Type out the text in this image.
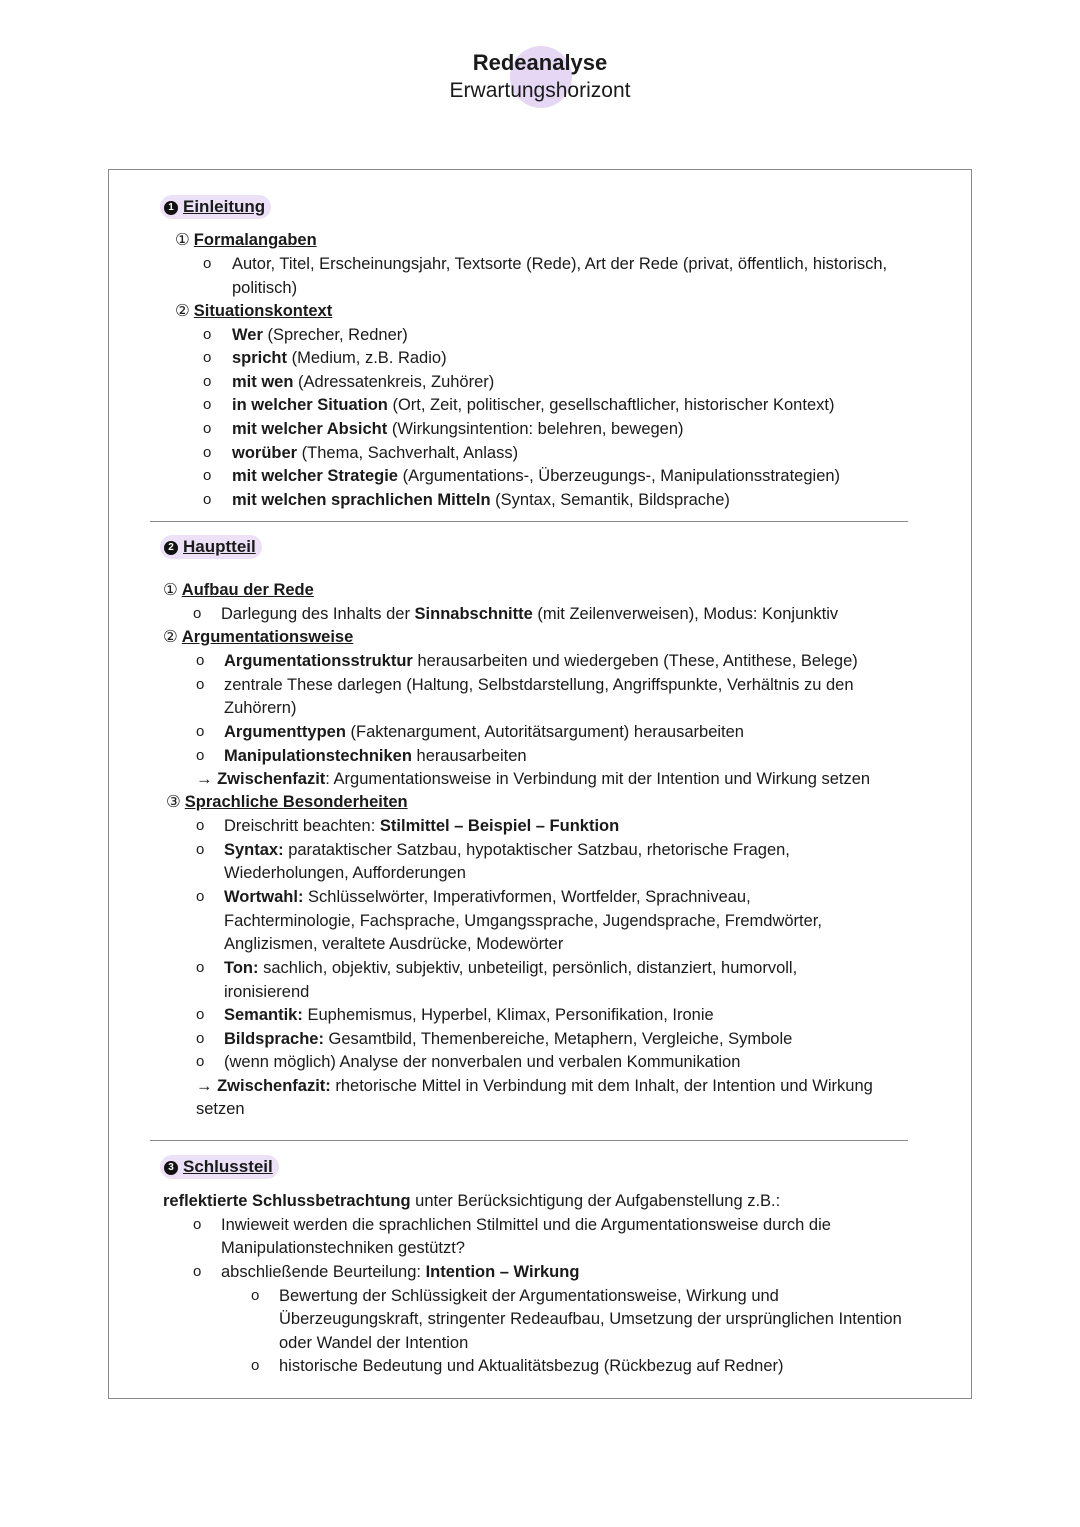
Redeanalyse
Erwartungshorizont
1 Einleitung
① Formalangaben
o Autor, Titel, Erscheinungsjahr, Textsorte (Rede), Art der Rede (privat, öffentlich, historisch,
politisch)
② Situationskontext
o Wer (Sprecher, Redner)
o spricht (Medium, z.B. Radio)
o mit wen (Adressatenkreis, Zuhörer)
o in welcher Situation (Ort, Zeit, politischer, gesellschaftlicher, historischer Kontext)
o mit welcher Absicht (Wirkungsintention: belehren, bewegen)
o worüber (Thema, Sachverhalt, Anlass)
o mit welcher Strategie (Argumentations-, Überzeugungs-, Manipulationsstrategien)
o mit welchen sprachlichen Mitteln (Syntax, Semantik, Bildsprache)
2 Hauptteil
① Aufbau der Rede
o Darlegung des Inhalts der Sinnabschnitte (mit Zeilenverweisen), Modus: Konjunktiv
② Argumentationsweise
o Argumentationsstruktur herausarbeiten und wiedergeben (These, Antithese, Belege)
o zentrale These darlegen (Haltung, Selbstdarstellung, Angriffspunkte, Verhältnis zu den
Zuhörern)
o Argumenttypen (Faktenargument, Autoritätsargument) herausarbeiten
o Manipulationstechniken herausarbeiten
→ Zwischenfazit: Argumentationsweise in Verbindung mit der Intention und Wirkung setzen
③ Sprachliche Besonderheiten
o Dreischritt beachten: Stilmittel – Beispiel – Funktion
o Syntax: parataktischer Satzbau, hypotaktischer Satzbau, rhetorische Fragen,
Wiederholungen, Aufforderungen
o Wortwahl: Schlüsselwörter, Imperativformen, Wortfelder, Sprachniveau,
Fachterminologie, Fachsprache, Umgangssprache, Jugendsprache, Fremdwörter,
Anglizismen, veraltete Ausdrücke, Modewörter
o Ton: sachlich, objektiv, subjektiv, unbeteiligt, persönlich, distanziert, humorvoll,
ironisierend
o Semantik: Euphemismus, Hyperbel, Klimax, Personifikation, Ironie
o Bildsprache: Gesamtbild, Themenbereiche, Metaphern, Vergleiche, Symbole
o (wenn möglich) Analyse der nonverbalen und verbalen Kommunikation
→ Zwischenfazit: rhetorische Mittel in Verbindung mit dem Inhalt, der Intention und Wirkung
setzen
3 Schlussteil
reflektierte Schlussbetrachtung unter Berücksichtigung der Aufgabenstellung z.B.:
o Inwieweit werden die sprachlichen Stilmittel und die Argumentationsweise durch die
Manipulationstechniken gestützt?
o abschließende Beurteilung: Intention – Wirkung
o Bewertung der Schlüssigkeit der Argumentationsweise, Wirkung und
Überzeugungskraft, stringenter Redeaufbau, Umsetzung der ursprünglichen Intention
oder Wandel der Intention
o historische Bedeutung und Aktualitätsbezug (Rückbezug auf Redner)
